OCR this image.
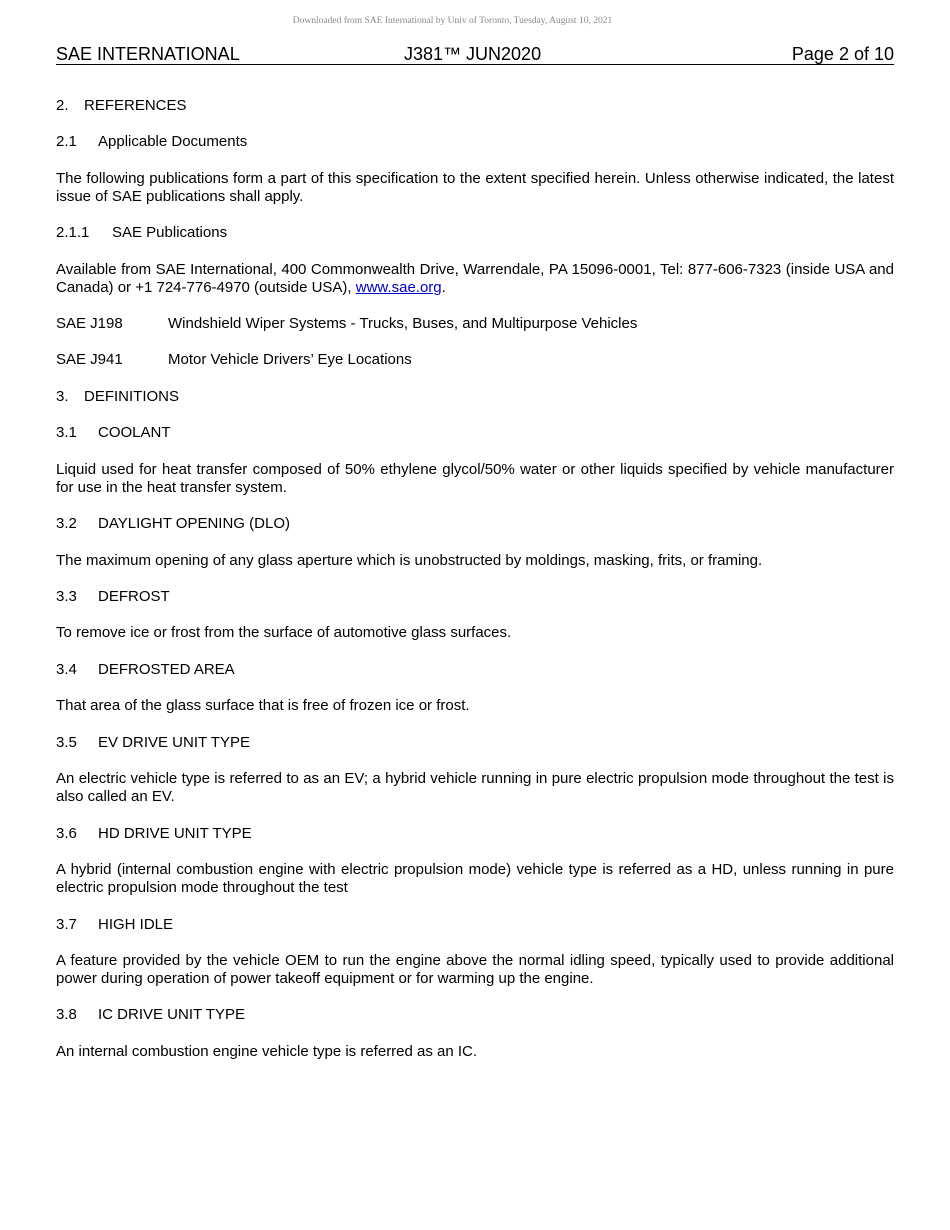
Downloaded from SAE International by Univ of Toronto, Tuesday, August 10, 2021
SAE INTERNATIONAL	J381™ JUN2020	Page 2 of 10
2. REFERENCES
2.1 Applicable Documents
The following publications form a part of this specification to the extent specified herein. Unless otherwise indicated, the latest issue of SAE publications shall apply.
2.1.1 SAE Publications
Available from SAE International, 400 Commonwealth Drive, Warrendale, PA 15096-0001, Tel: 877-606-7323 (inside USA and Canada) or +1 724-776-4970 (outside USA), www.sae.org.
SAE J198	Windshield Wiper Systems - Trucks, Buses, and Multipurpose Vehicles
SAE J941	Motor Vehicle Drivers’ Eye Locations
3. DEFINITIONS
3.1 COOLANT
Liquid used for heat transfer composed of 50% ethylene glycol/50% water or other liquids specified by vehicle manufacturer for use in the heat transfer system.
3.2 DAYLIGHT OPENING (DLO)
The maximum opening of any glass aperture which is unobstructed by moldings, masking, frits, or framing.
3.3 DEFROST
To remove ice or frost from the surface of automotive glass surfaces.
3.4 DEFROSTED AREA
That area of the glass surface that is free of frozen ice or frost.
3.5 EV DRIVE UNIT TYPE
An electric vehicle type is referred to as an EV; a hybrid vehicle running in pure electric propulsion mode throughout the test is also called an EV.
3.6 HD DRIVE UNIT TYPE
A hybrid (internal combustion engine with electric propulsion mode) vehicle type is referred as a HD, unless running in pure electric propulsion mode throughout the test
3.7 HIGH IDLE
A feature provided by the vehicle OEM to run the engine above the normal idling speed, typically used to provide additional power during operation of power takeoff equipment or for warming up the engine.
3.8 IC DRIVE UNIT TYPE
An internal combustion engine vehicle type is referred as an IC.
